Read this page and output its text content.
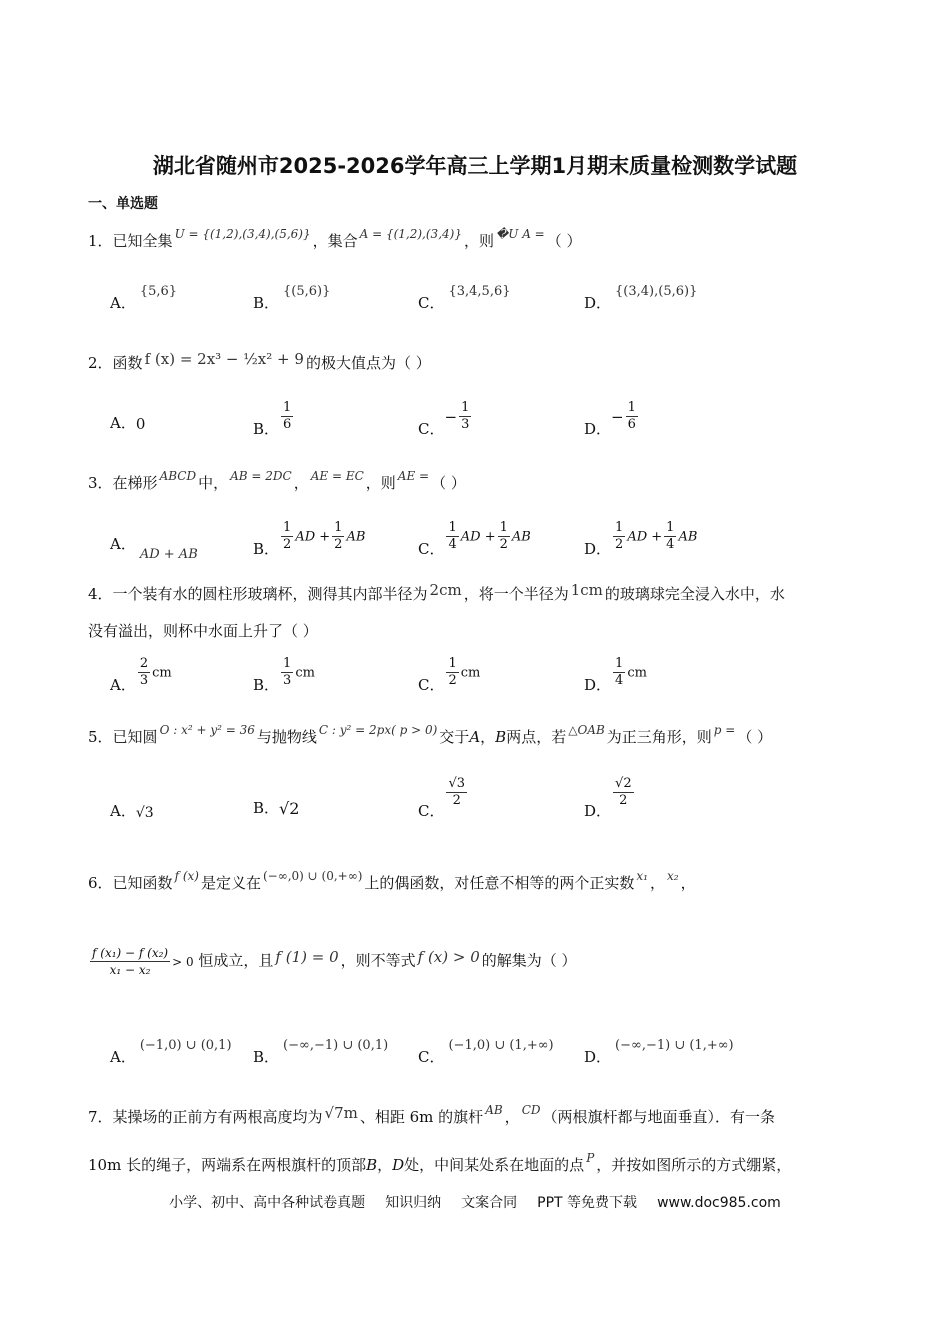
湖北省随州市2025-2026学年高三上学期1月期末质量检测数学试题
一、单选题
1．已知全集 U = {(1,2),(3,4),(5,6)} ，集合 A = {(1,2),(3,4)} ，则 �U A = （ ）
A．{5,6}
B．{(5,6)}
C．{3,4,5,6}
D．{(3,4),(5,6)}
2．函数 f (x) = 2x³ − ½x² + 9 的极大值点为（ ）
A．0	B． $\frac{1}{6}$	C．
− $\frac{1}{3}$	D．
− $\frac{1}{6}$
3．在梯形 ABCD 中， AB = 2DC ， AE = EC ，则 AE = （ ）
A．AD + AB	B． $\frac{1}{2}$ AD + $\frac{1}{2}$ AB
C． $\frac{1}{4}$ AD + $\frac{1}{2}$ AB
D． $\frac{1}{2}$ AD + $\frac{1}{4}$ AB
4．一个装有水的圆柱形玻璃杯，测得其内部半径为 2cm ，将一个半径为 1cm 的玻璃球完全浸入水中，水
没有溢出，则杯中水面上升了（ ）
A． $\frac{2}{3}$ cm
B． $\frac{1}{3}$ cm
C． $\frac{1}{2}$ cm
D． $\frac{1}{4}$ cm
5．已知圆 O : x² + y² = 36 与抛物线 C : y² = 2px( p > 0) 交于A，B两点，若 △OAB 为正三角形，则 p = （ ）
A．√3	B．√2	C．
$\frac{√3}{2}$
D．
$\frac{√2}{2}$
6．已知函数 f (x) 是定义在 (−∞,0) ∪ (0,+∞) 上的偶函数，对任意不相等的两个正实数 x₁ ， x₂ ，
$\frac{\text{f (x₁) − f (x₂)}}{\text{x₁ − x₂}} > 0$ 恒成立，且 f (1) = 0 ，则不等式 f (x) > 0 的解集为（ ）
A．(−1,0) ∪ (0,1)
B．(−∞,−1) ∪ (0,1)
C．(−1,0) ∪ (1,+∞)
D．(−∞,−1) ∪ (1,+∞)
7．某操场的正前方有两根高度均为 √7m 、相距 6m 的旗杆 AB ， CD （两根旗杆都与地面垂直）．有一条
10m 长的绳子，两端系在两根旗杆的顶部B，D处，中间某处系在地面的点 P ，并按如图所示的方式绷紧，
小学、初中、高中各种试卷真题 知识归纳 文案合同 PPT 等免费下载 www.doc985.com
